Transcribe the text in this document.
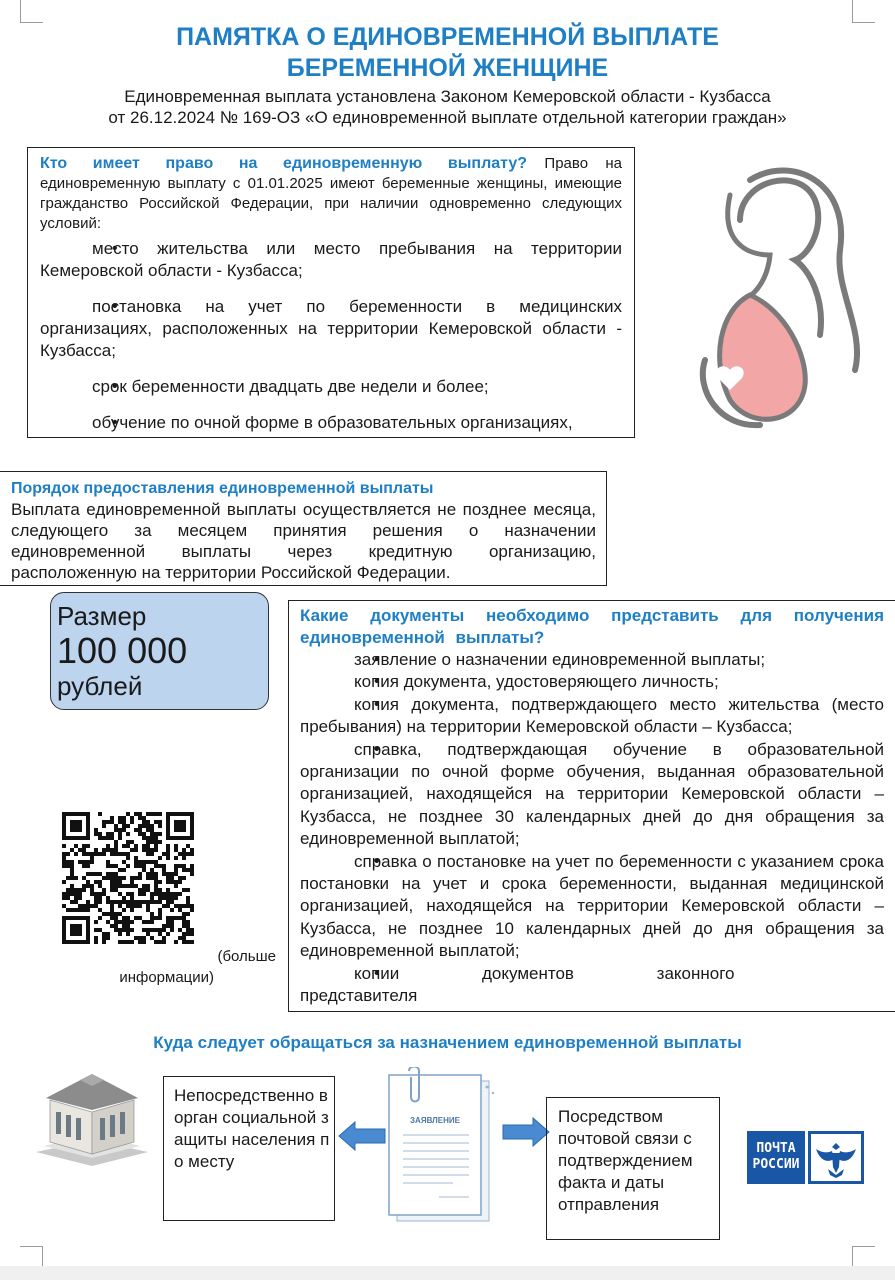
ПАМЯТКА О ЕДИНОВРЕМЕННОЙ ВЫПЛАТЕ
БЕРЕМЕННОЙ ЖЕНЩИНЕ
Единовременная выплата установлена Законом Кемеровской области - Кузбасса
от 26.12.2024 № 169-ОЗ «О единовременной выплате отдельной категории граждан»
Кто имеет право на единовременную выплату? Право на единовременную выплату с 01.01.2025 имеют беременные женщины, имеющие гражданство Российской Федерации, при наличии одновременно следующих условий:
• место жительства или место пребывания на территории Кемеровской области - Кузбасса;
• постановка на учет по беременности в медицинских организациях, расположенных на территории Кемеровской области - Кузбасса;
• срок беременности двадцать две недели и более;
• обучение по очной форме в образовательных организациях,
Порядок предоставления единовременной выплаты
Выплата единовременной выплаты осуществляется не позднее месяца, следующего за месяцем принятия решения о назначении единовременной выплаты через кредитную организацию, расположенную на территории Российской Федерации.
Размер
100 000
рублей
(больше
информации)
Какие документы необходимо представить для получения единовременной выплаты?
• заявление о назначении единовременной выплаты;
• копия документа, удостоверяющего личность;
• копия документа, подтверждающего место жительства (место пребывания) на территории Кемеровской области – Кузбасса;
• справка, подтверждающая обучение в образовательной организации по очной форме обучения, выданная образовательной организацией, находящейся на территории Кемеровской области – Кузбасса, не позднее 30 календарных дней до дня обращения за единовременной выплатой;
• справка о постановке на учет по беременности с указанием срока постановки на учет и срока беременности, выданная медицинской организацией, находящейся на территории Кемеровской области – Кузбасса, не позднее 10 календарных дней до дня обращения за единовременной выплатой;
• копии документов законного представителя
Куда следует обращаться за назначением единовременной выплаты
Непосредственно в орган социальной защиты населения по месту
ЗАЯВЛЕНИЕ	Посредством почтовой связи с подтверждением факта и даты отправления
ПОЧТА
РОССИИ
